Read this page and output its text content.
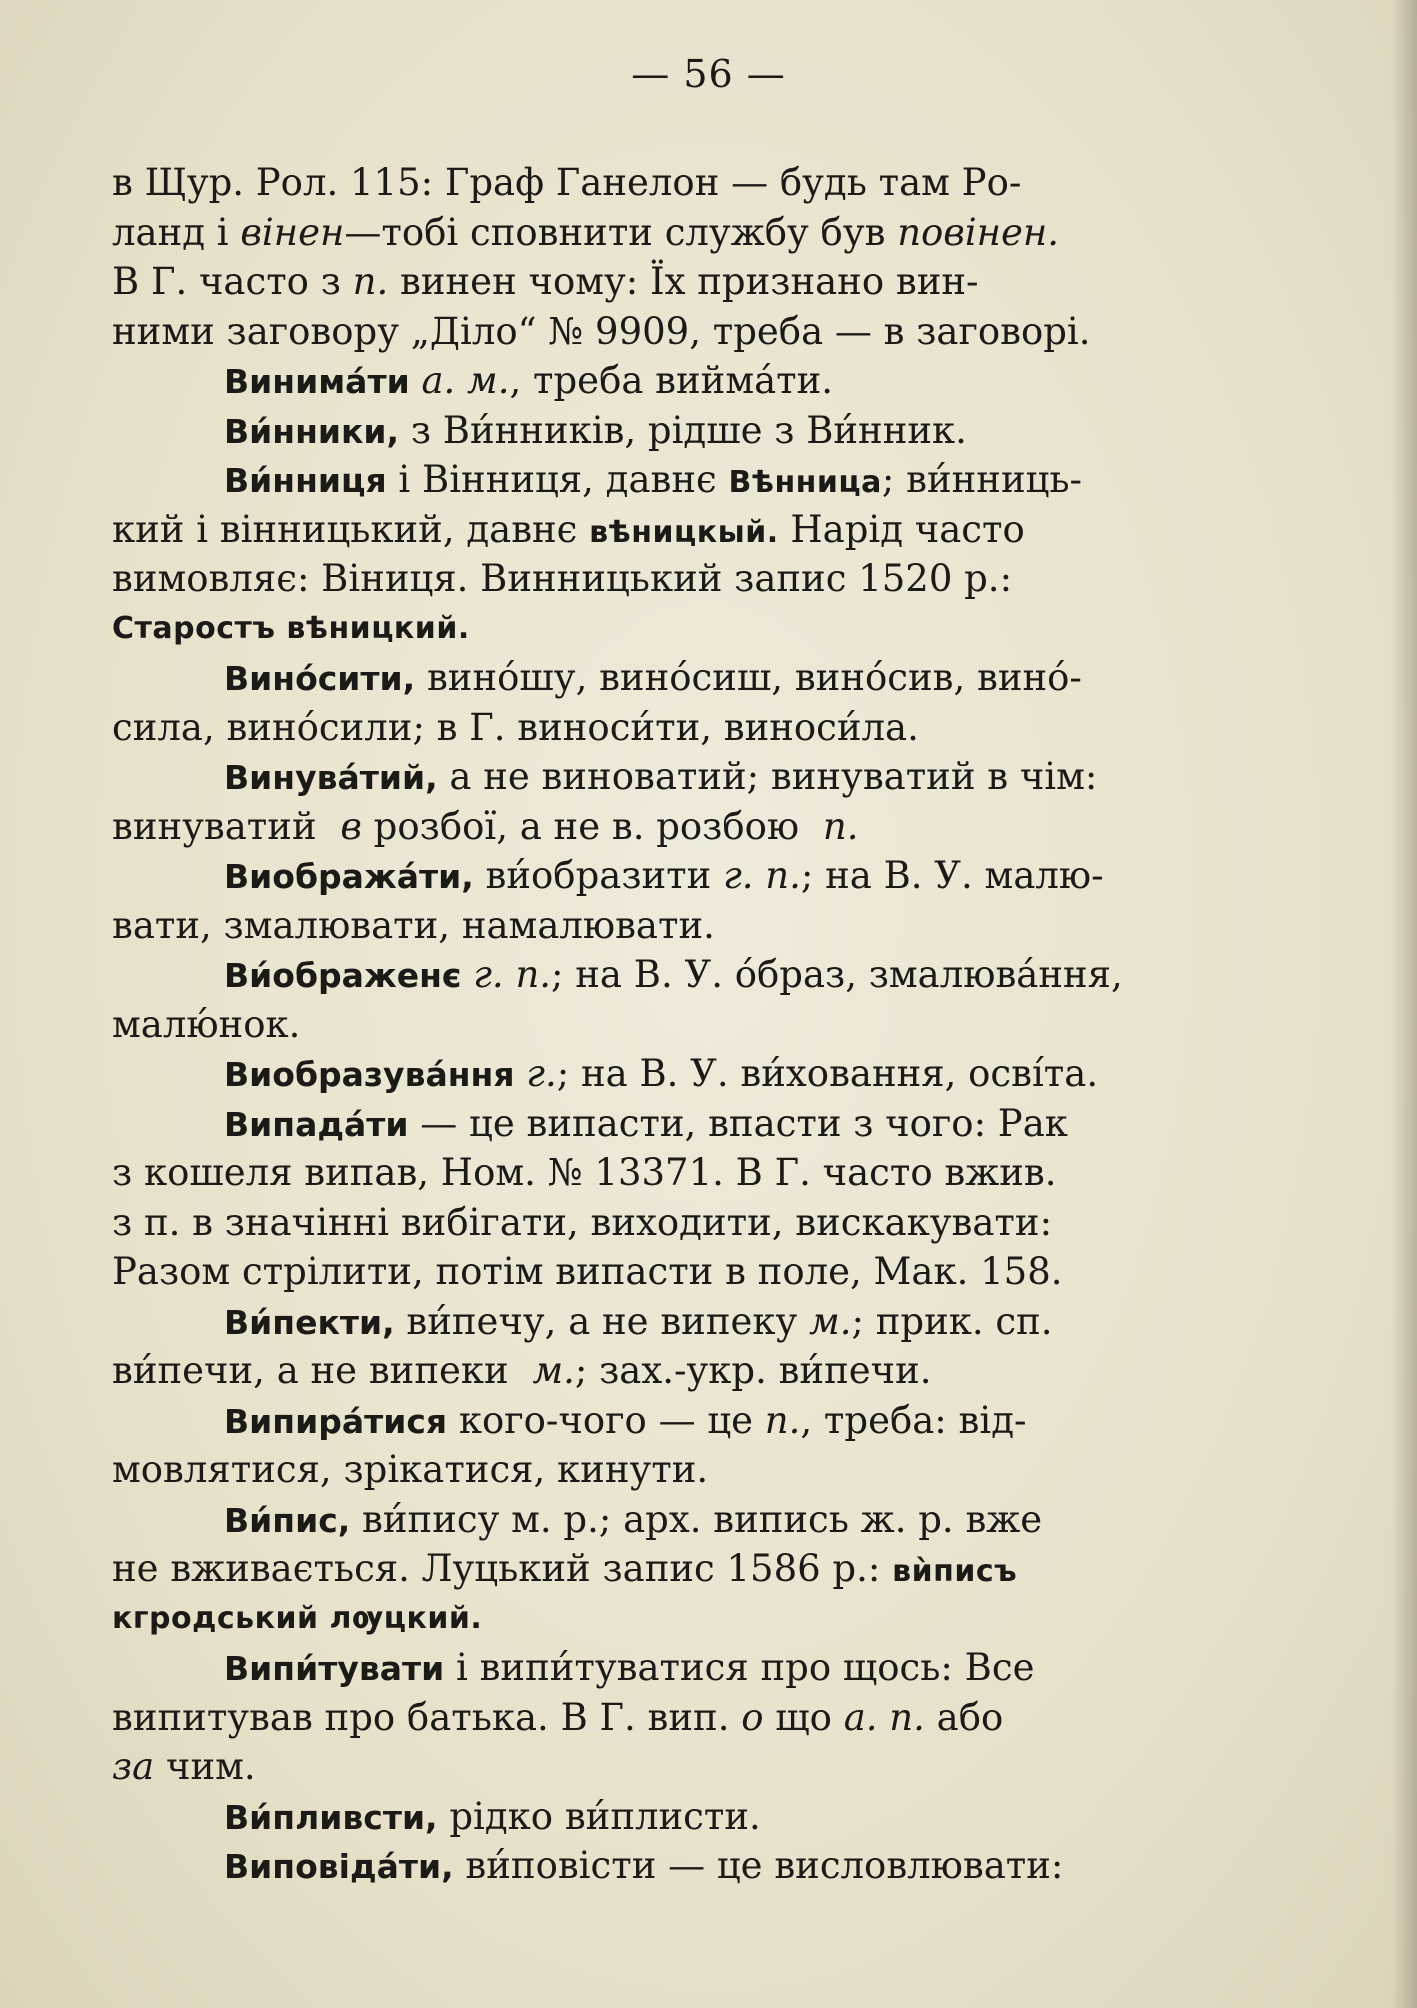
— 56 —
в Щур. Рол. 115: Граф Ганелон — будь там Ро-
ланд і вінен—тобі сповнити службу був повінен.
В Г. часто з п. винен чому: Їх признано вин-
ними заговору „Діло“ № 9909, треба — в заговорі.
Винимáти а. м., треба вийма́ти.
Ви́нники, з Ви́нників, рідше з Ви́нник.
Ви́нниця і Вінниця, давнє Вѣнница; ви́нниць-
кий і вінницький, давнє вѣницкый. Нарід часто
вимовляє: Віниця. Винницький запис 1520 р.:
Старостъ вѣницкий.
Вино́сити, вино́шу, вино́сиш, вино́сив, вино́-
сила, вино́сили; в Г. виноси́ти, виноси́ла.
Винува́тий, а не виноватий; винуватий в чім:
винуватий в розбої, а не в. розбою п.
Виобража́ти, ви́образити г. п.; на В. У. малю-
вати, змалювати, намалювати.
Ви́ображенє г. п.; на В. У. о́браз, змалюва́ння,
малю́нок.
Виобразува́ння г.; на В. У. ви́ховання, осві́та.
Випада́ти — це випасти, впасти з чого: Рак
з кошеля випав, Ном. № 13371. В Г. часто вжив.
з п. в значінні вибігати, виходити, вискакувати:
Разом стрілити, потім випасти в поле, Мак. 158.
Ви́пекти, ви́печу, а не випеку м.; прик. сп.
ви́печи, а не випеки м.; зах.-укр. ви́печи.
Випира́тися кого-чого — це п., треба: від-
мовлятися, зрікатися, кинути.
Ви́пис, ви́пису м. р.; арх. випись ж. р. вже
не вживається. Луцький запис 1586 р.: вѝписъ
кгродський лѹцкий.
Випи́тувати і випи́туватися про щось: Все
випитував про батька. В Г. вип. о що а. п. або
за чим.
Ви́пливсти, рідко ви́плисти.
Виповіда́ти, ви́повісти — це висловлювати:
